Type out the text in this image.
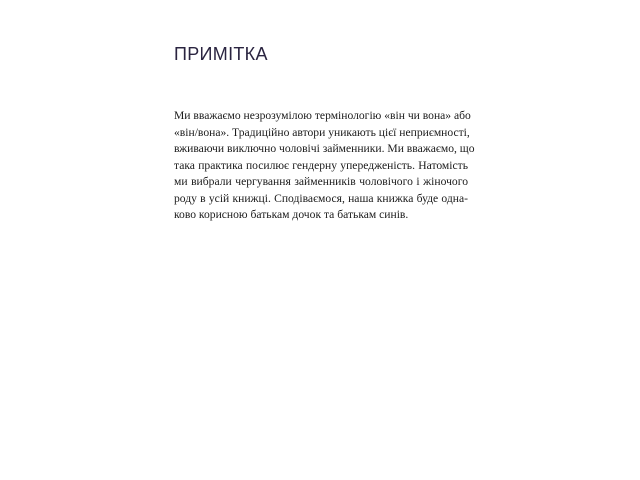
ПРИМІТКА
Ми вважаємо незрозумілою термінологію «він чи вона» або
«він/вона». Традиційно автори уникають цієї неприємності,
вживаючи виключно чоловічі займенники. Ми вважаємо, що
така практика посилює гендерну упередженість. Натомість
ми вибрали чергування займенників чоловічого і жіночого
роду в усій книжці. Сподіваємося, наша книжка буде одна-
ково корисною батькам дочок та батькам синів.
